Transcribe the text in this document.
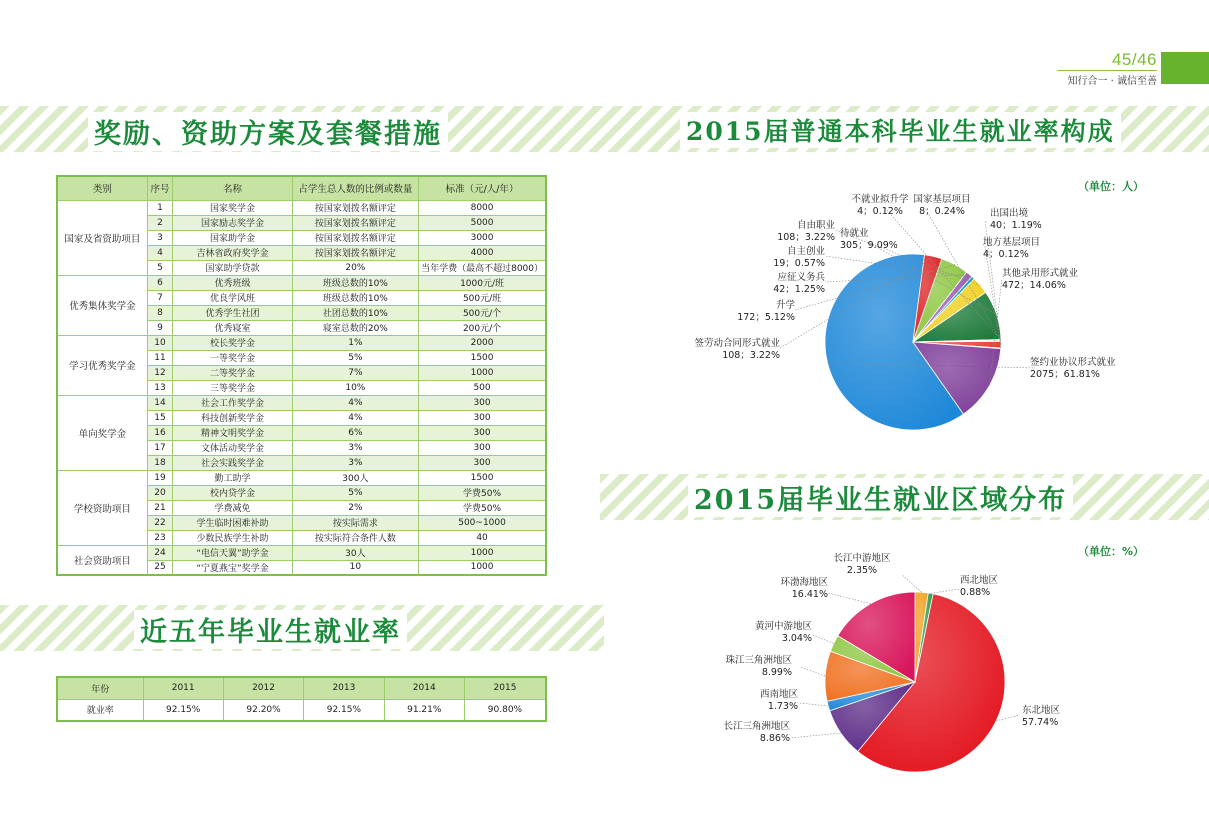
45/46
知行合一 · 诚信至善
奖励、资助方案及套餐措施	2015届普通本科毕业生就业率构成
2015届毕业生就业区域分布
近五年毕业生就业率
类别	序号	名称	占学生总人数的比例或数量	标准（元/人/年）
国家及省资助项目	1	国家奖学金	按国家划拨名额评定	8000
	2	国家励志奖学金	按国家划拨名额评定	5000
	3	国家助学金	按国家划拨名额评定	3000
	4	吉林省政府奖学金	按国家划拨名额评定	4000
	5	国家助学贷款	20%	当年学费（最高不超过8000）
优秀集体奖学金	6	优秀班级	班级总数的10%	1000元/班
	7	优良学风班	班级总数的10%	500元/班
	8	优秀学生社团	社团总数的10%	500元/个
	9	优秀寝室	寝室总数的20%	200元/个
学习优秀奖学金	10	校长奖学金	1%	2000
	11	一等奖学金	5%	1500
	12	二等奖学金	7%	1000
	13	三等奖学金	10%	500
单向奖学金	14	社会工作奖学金	4%	300
	15	科技创新奖学金	4%	300
	16	精神文明奖学金	6%	300
	17	文体活动奖学金	3%	300
	18	社会实践奖学金	3%	300
学校资助项目	19	勤工助学	300人	1500
	20	校内贷学金	5%	学费50%
	21	学费减免	2%	学费50%
	22	学生临时困难补助	按实际需求	500~1000
	23	少数民族学生补助	按实际符合条件人数	40
社会资助项目	24	“电信天翼”助学金	30人	1000
	25	“宁夏燕宝”奖学金	10	1000
年份	2011	2012	2013	2014	2015
就业率	92.15%	92.20%	92.15%	91.21%	90.80%
（单位：人）
（单位：%）
签约业协议形式就业
2075；61.81%
签劳动合同形式就业
108；3.22%
升学
172；5.12%
应征义务兵
42；1.25%
自主创业
19；0.57%
自由职业
108；3.22% 待就业
305；9.09%
不就业拟升学
4；0.12%
国家基层项目
8；0.24%	出国出境
40；1.19%
地方基层项目
4；0.12%
其他录用形式就业
472；14.06%
长江中游地区
2.35%
西北地区
0.88%
东北地区
57.74%
长江三角洲地区
8.86%
西南地区
1.73%
珠江三角洲地区
8.99%
黄河中游地区
3.04%
环渤海地区
16.41%
